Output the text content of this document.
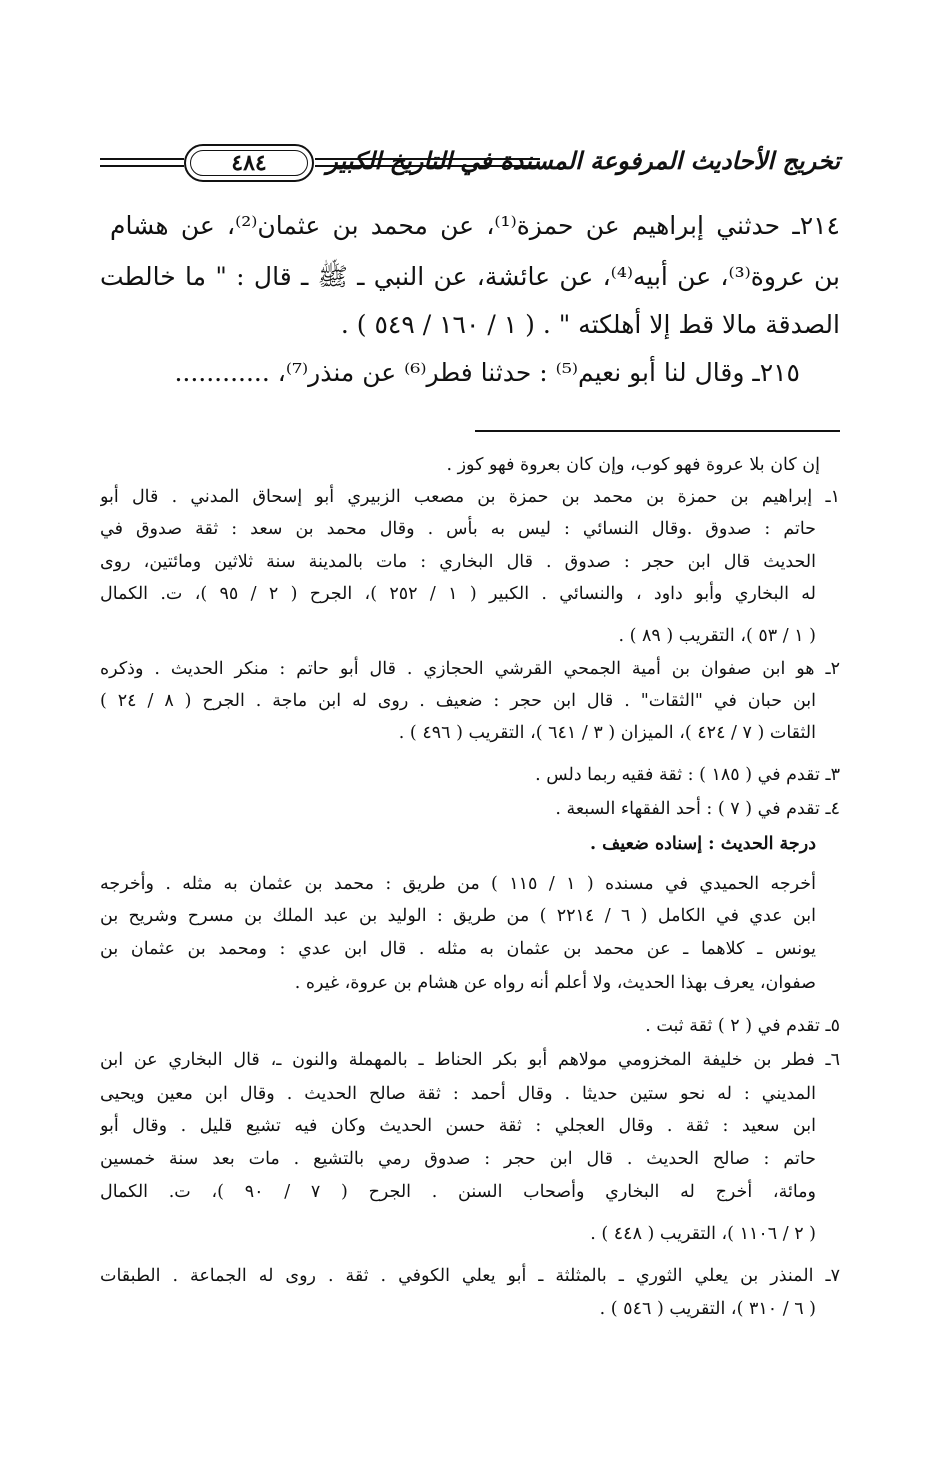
تخريج الأحاديث المرفوعة المسندة في التاريخ الكبير
٤٨٤
٢١٤ـ حدثني إبراهيم عن حمزة⁽¹⁾، عن محمد بن عثمان⁽²⁾، عن هشام
بن عروة⁽³⁾، عن أبيه⁽⁴⁾، عن عائشة، عن النبي ـ ﷺ ـ قال : " ما خالطت
الصدقة مالا قط إلا أهلكته " . ( ١ / ١٦٠ / ٥٤٩ ) .
٢١٥ـ وقال لنا أبو نعيم⁽⁵⁾ : حدثنا فطر⁽⁶⁾ عن منذر⁽⁷⁾، ............
إن كان بلا عروة فهو كوب، وإن كان بعروة فهو كوز .
١ـ إبراهيم بن حمزة بن محمد بن حمزة بن مصعب الزبيري أبو إسحاق المدني . قال أبو
حاتم : صدوق .وقال النسائي : ليس به بأس . وقال محمد بن سعد : ثقة صدوق في
الحديث قال ابن حجر : صدوق . قال البخاري : مات بالمدينة سنة ثلاثين ومائتين، روى
له البخاري وأبو داود ، والنسائي . الكبير ( ١ / ٢٥٢ )، الجرح ( ٢ / ٩٥ )، ت. الكمال
( ١ / ٥٣ )، التقريب ( ٨٩ ) .
٢ـ هو ابن صفوان بن أمية الجمحي القرشي الحجازي . قال أبو حاتم : منكر الحديث . وذكره
ابن حبان في "الثقات" . قال ابن حجر : ضعيف . روى له ابن ماجة . الجرح ( ٨ / ٢٤ )
الثقات ( ٧ / ٤٢٤ )، الميزان ( ٣ / ٦٤١ )، التقريب ( ٤٩٦ ) .
٣ـ تقدم في ( ١٨٥ ) : ثقة فقيه ربما دلس .
٤ـ تقدم في ( ٧ ) : أحد الفقهاء السبعة .
درجة الحديث : إسناده ضعيف .
أخرجه الحميدي في مسنده ( ١ / ١١٥ ) من طريق : محمد بن عثمان به مثله . وأخرجه
ابن عدي في الكامل ( ٦ / ٢٢١٤ ) من طريق : الوليد بن عبد الملك بن مسرح وشريح بن
يونس ـ كلاهما ـ عن محمد بن عثمان به مثله . قال ابن عدي : ومحمد بن عثمان بن
صفوان، يعرف بهذا الحديث، ولا أعلم أنه رواه عن هشام بن عروة، غيره .
٥ـ تقدم في ( ٢ ) ثقة ثبت .
٦ـ فطر بن خليفة المخزومي مولاهم أبو بكر الحناط ـ بالمهملة والنون ـ، قال البخاري عن ابن
المديني : له نحو ستين حديثا . وقال أحمد : ثقة صالح الحديث . وقال ابن معين ويحيى
ابن سعيد : ثقة . وقال العجلي : ثقة حسن الحديث وكان فيه تشيع قليل . وقال أبو
حاتم : صالح الحديث . قال ابن حجر : صدوق رمي بالتشيع . مات بعد سنة خمسين
ومائة، أخرج له البخاري وأصحاب السنن . الجرح ( ٧ / ٩٠ )، ت. الكمال
( ٢ / ١١٠٦ )، التقريب ( ٤٤٨ ) .
٧ـ المنذر بن يعلي الثوري ـ بالمثلثة ـ أبو يعلي الكوفي . ثقة . روى له الجماعة . الطبقات
( ٦ / ٣١٠ )، التقريب ( ٥٤٦ ) .
